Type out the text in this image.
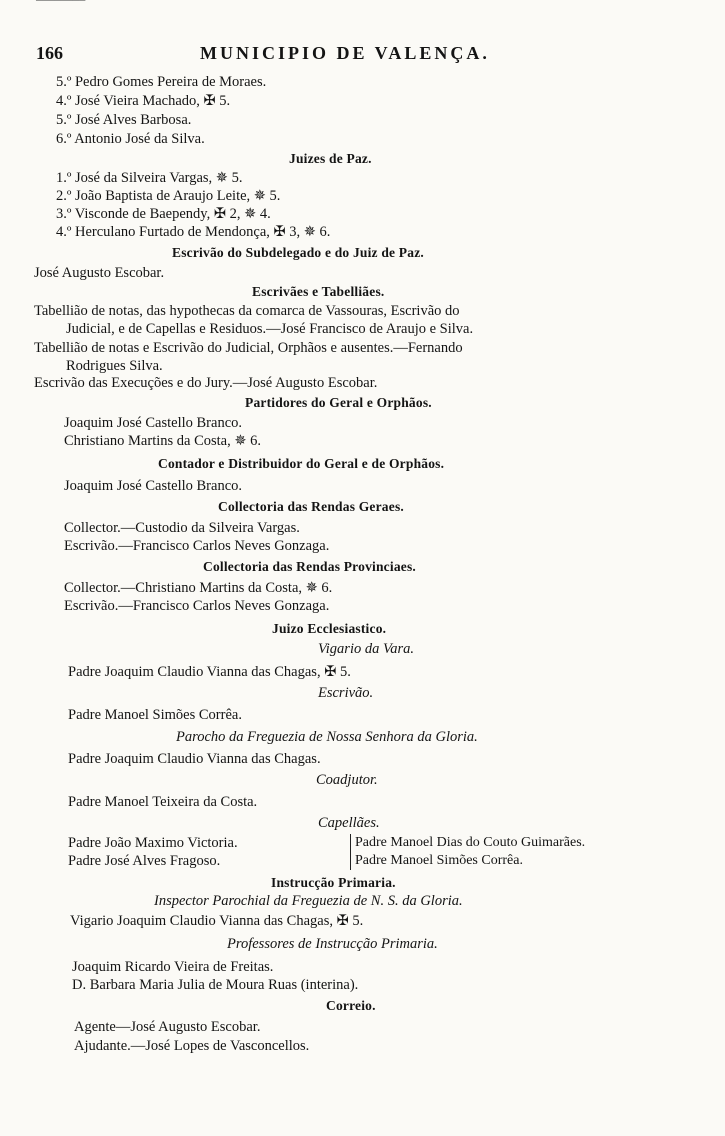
▔▔▔▔▔▔▔▔
166	MUNICIPIO DE VALENÇA.
5.º Pedro Gomes Pereira de Moraes.
4.º José Vieira Machado, ✠ 5.
5.º José Alves Barbosa.
6.º Antonio José da Silva.
Juizes de Paz.
1.º José da Silveira Vargas, ✵ 5.
2.º João Baptista de Araujo Leite, ✵ 5.
3.º Visconde de Baependy, ✠ 2, ✵ 4.
4.º Herculano Furtado de Mendonça, ✠ 3, ✵ 6.
Escrivão do Subdelegado e do Juiz de Paz.
José Augusto Escobar.
Escrivães e Tabelliães.
Tabellião de notas, das hypothecas da comarca de Vassouras, Escrivão do
Judicial, e de Capellas e Residuos.—José Francisco de Araujo e Silva.
Tabellião de notas e Escrivão do Judicial, Orphãos e ausentes.—Fernando
Rodrigues Silva.
Escrivão das Execuções e do Jury.—José Augusto Escobar.
Partidores do Geral e Orphãos.
Joaquim José Castello Branco.
Christiano Martins da Costa, ✵ 6.
Contador e Distribuidor do Geral e de Orphãos.
Joaquim José Castello Branco.
Collectoria das Rendas Geraes.
Collector.—Custodio da Silveira Vargas.
Escrivão.—Francisco Carlos Neves Gonzaga.
Collectoria das Rendas Provinciaes.
Collector.—Christiano Martins da Costa, ✵ 6.
Escrivão.—Francisco Carlos Neves Gonzaga.
Juizo Ecclesiastico.
Vigario da Vara.
Padre Joaquim Claudio Vianna das Chagas, ✠ 5.
Escrivão.
Padre Manoel Simões Corrêa.
Parocho da Freguezia de Nossa Senhora da Gloria.
Padre Joaquim Claudio Vianna das Chagas.
Coadjutor.
Padre Manoel Teixeira da Costa.
Capellães.
Padre João Maximo Victoria.
Padre José Alves Fragoso.
Padre Manoel Dias do Couto Guimarães.
Padre Manoel Simões Corrêa.
Instrucção Primaria.
Inspector Parochial da Freguezia de N. S. da Gloria.
Vigario Joaquim Claudio Vianna das Chagas, ✠ 5.
Professores de Instrucção Primaria.
Joaquim Ricardo Vieira de Freitas.
D. Barbara Maria Julia de Moura Ruas (interina).
Correio.
Agente—José Augusto Escobar.
Ajudante.—José Lopes de Vasconcellos.
